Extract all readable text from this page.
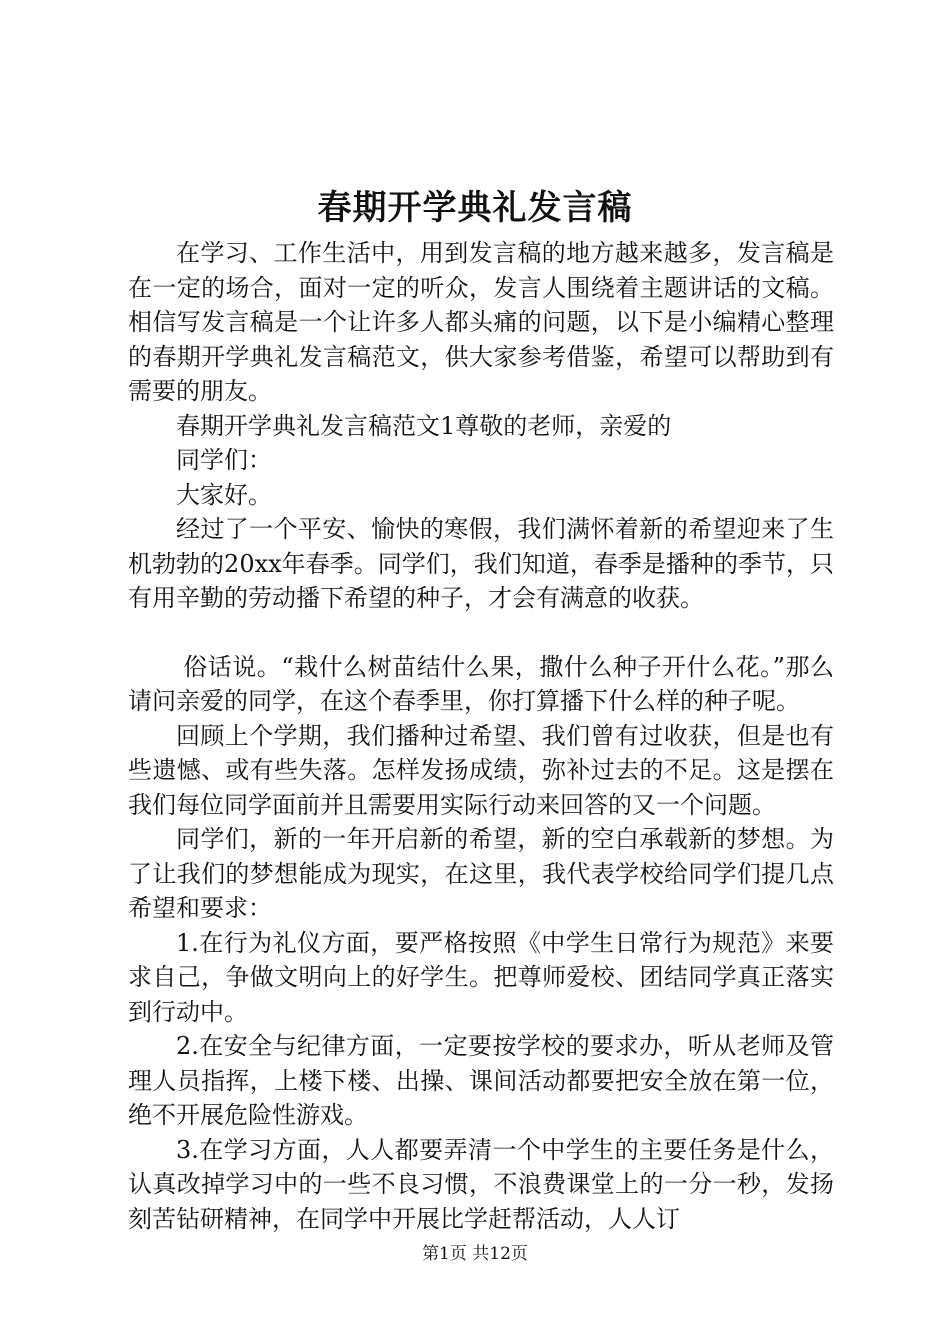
春期开学典礼发言稿

在学习、工作生活中，用到发言稿的地方越来越多，发言稿是在一定的场合，面对一定的听众，发言人围绕着主题讲话的文稿。相信写发言稿是一个让许多人都头痛的问题，以下是小编精心整理的春期开学典礼发言稿范文，供大家参考借鉴，希望可以帮助到有需要的朋友。

春期开学典礼发言稿范文1尊敬的老师，亲爱的

同学们：

大家好。

经过了一个平安、愉快的寒假，我们满怀着新的希望迎来了生机勃勃的20xx年春季。同学们，我们知道，春季是播种的季节，只有用辛勤的劳动播下希望的种子，才会有满意的收获。

俗话说。“栽什么树苗结什么果，撒什么种子开什么花。”那么请问亲爱的同学，在这个春季里，你打算播下什么样的种子呢。

回顾上个学期，我们播种过希望、我们曾有过收获，但是也有些遗憾、或有些失落。怎样发扬成绩，弥补过去的不足。这是摆在我们每位同学面前并且需要用实际行动来回答的又一个问题。

同学们，新的一年开启新的希望，新的空白承载新的梦想。为了让我们的梦想能成为现实，在这里，我代表学校给同学们提几点希望和要求：

1.在行为礼仪方面，要严格按照《中学生日常行为规范》来要求自己，争做文明向上的好学生。把尊师爱校、团结同学真正落实到行动中。

2.在安全与纪律方面，一定要按学校的要求办，听从老师及管理人员指挥，上楼下楼、出操、课间活动都要把安全放在第一位，绝不开展危险性游戏。

3.在学习方面，人人都要弄清一个中学生的主要任务是什么，认真改掉学习中的一些不良习惯，不浪费课堂上的一分一秒，发扬刻苦钻研精神，在同学中开展比学赶帮活动，人人订

第1页 共12页
